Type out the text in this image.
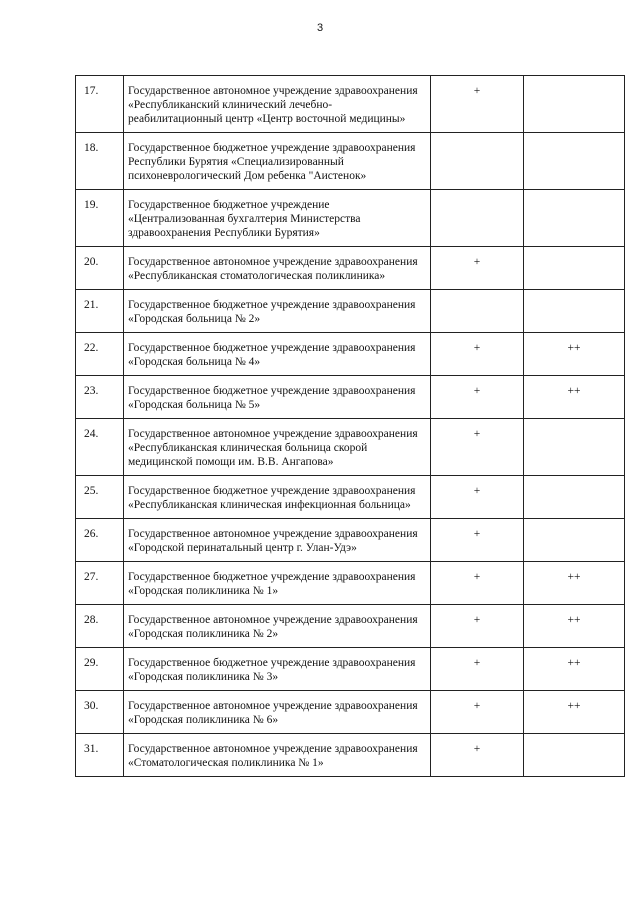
3
17.	Государственное автономное учреждение здравоохранения «Республиканский клинический лечебно-реабилитационный центр «Центр восточной медицины»	+	
18.	Государственное бюджетное учреждение здравоохранения Республики Бурятия «Специализированный психоневрологический Дом ребенка "Аистенок»		
19.	Государственное бюджетное учреждение «Централизованная бухгалтерия Министерства здравоохранения Республики Бурятия»		
20.	Государственное автономное учреждение здравоохранения «Республиканская стоматологическая поликлиника»	+	
21.	Государственное бюджетное учреждение здравоохранения «Городская больница № 2»		
22.	Государственное бюджетное учреждение здравоохранения «Городская больница № 4»	+	++
23.	Государственное бюджетное учреждение здравоохранения «Городская больница № 5»	+	++
24.	Государственное автономное учреждение здравоохранения «Республиканская клиническая больница скорой медицинской помощи им. В.В. Ангапова»	+	
25.	Государственное бюджетное учреждение здравоохранения «Республиканская клиническая инфекционная больница»	+	
26.	Государственное автономное учреждение здравоохранения «Городской перинатальный центр г. Улан-Удэ»	+	
27.	Государственное бюджетное учреждение здравоохранения «Городская поликлиника № 1»	+	++
28.	Государственное автономное учреждение здравоохранения «Городская поликлиника № 2»	+	++
29.	Государственное бюджетное учреждение здравоохранения «Городская поликлиника № 3»	+	++
30.	Государственное автономное учреждение здравоохранения «Городская поликлиника № 6»	+	++
31.	Государственное автономное учреждение здравоохранения «Стоматологическая поликлиника № 1»	+	
